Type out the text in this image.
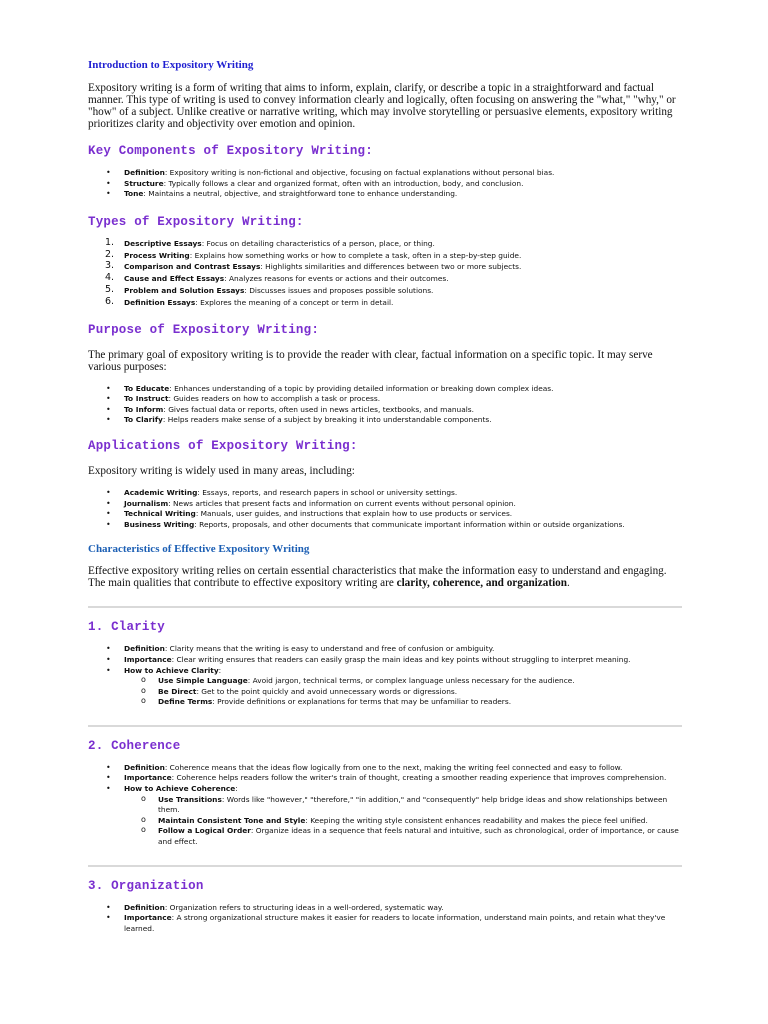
Introduction to Expository Writing

Expository writing is a form of writing that aims to inform, explain, clarify, or describe a topic in a straightforward and factual manner. This type of writing is used to convey information clearly and logically, often focusing on answering the "what," "why," or "how" of a subject. Unlike creative or narrative writing, which may involve storytelling or persuasive elements, expository writing prioritizes clarity and objectivity over emotion and opinion.

Key Components of Expository Writing:
• Definition: Expository writing is non-fictional and objective, focusing on factual explanations without personal bias.
• Structure: Typically follows a clear and organized format, often with an introduction, body, and conclusion.
• Tone: Maintains a neutral, objective, and straightforward tone to enhance understanding.
Types of Expository Writing:
1. Descriptive Essays: Focus on detailing characteristics of a person, place, or thing.
2. Process Writing: Explains how something works or how to complete a task, often in a step-by-step guide.
3. Comparison and Contrast Essays: Highlights similarities and differences between two or more subjects.
4. Cause and Effect Essays: Analyzes reasons for events or actions and their outcomes.
5. Problem and Solution Essays: Discusses issues and proposes possible solutions.
6. Definition Essays: Explores the meaning of a concept or term in detail.
Purpose of Expository Writing:

The primary goal of expository writing is to provide the reader with clear, factual information on a specific topic. It may serve various purposes:

• To Educate: Enhances understanding of a topic by providing detailed information or breaking down complex ideas.
• To Instruct: Guides readers on how to accomplish a task or process.
• To Inform: Gives factual data or reports, often used in news articles, textbooks, and manuals.
• To Clarify: Helps readers make sense of a subject by breaking it into understandable components.
Applications of Expository Writing:

Expository writing is widely used in many areas, including:

• Academic Writing: Essays, reports, and research papers in school or university settings.
• Journalism: News articles that present facts and information on current events without personal opinion.
• Technical Writing: Manuals, user guides, and instructions that explain how to use products or services.
• Business Writing: Reports, proposals, and other documents that communicate important information within or outside organizations.
Characteristics of Effective Expository Writing

Effective expository writing relies on certain essential characteristics that make the information easy to understand and engaging. The main qualities that contribute to effective expository writing are clarity, coherence, and organization.

1. Clarity
• Definition: Clarity means that the writing is easy to understand and free of confusion or ambiguity.
• Importance: Clear writing ensures that readers can easily grasp the main ideas and key points without struggling to interpret meaning.
• How to Achieve Clarity:
o Use Simple Language: Avoid jargon, technical terms, or complex language unless necessary for the audience.
o Be Direct: Get to the point quickly and avoid unnecessary words or digressions.
o Define Terms: Provide definitions or explanations for terms that may be unfamiliar to readers.
2. Coherence
• Definition: Coherence means that the ideas flow logically from one to the next, making the writing feel connected and easy to follow.
• Importance: Coherence helps readers follow the writer's train of thought, creating a smoother reading experience that improves comprehension.
• How to Achieve Coherence:
o Use Transitions: Words like "however," "therefore," "in addition," and "consequently" help bridge ideas and show relationships between them.
o Maintain Consistent Tone and Style: Keeping the writing style consistent enhances readability and makes the piece feel unified.
o Follow a Logical Order: Organize ideas in a sequence that feels natural and intuitive, such as chronological, order of importance, or cause and effect.
3. Organization
• Definition: Organization refers to structuring ideas in a well-ordered, systematic way.
• Importance: A strong organizational structure makes it easier for readers to locate information, understand main points, and retain what they've learned.
